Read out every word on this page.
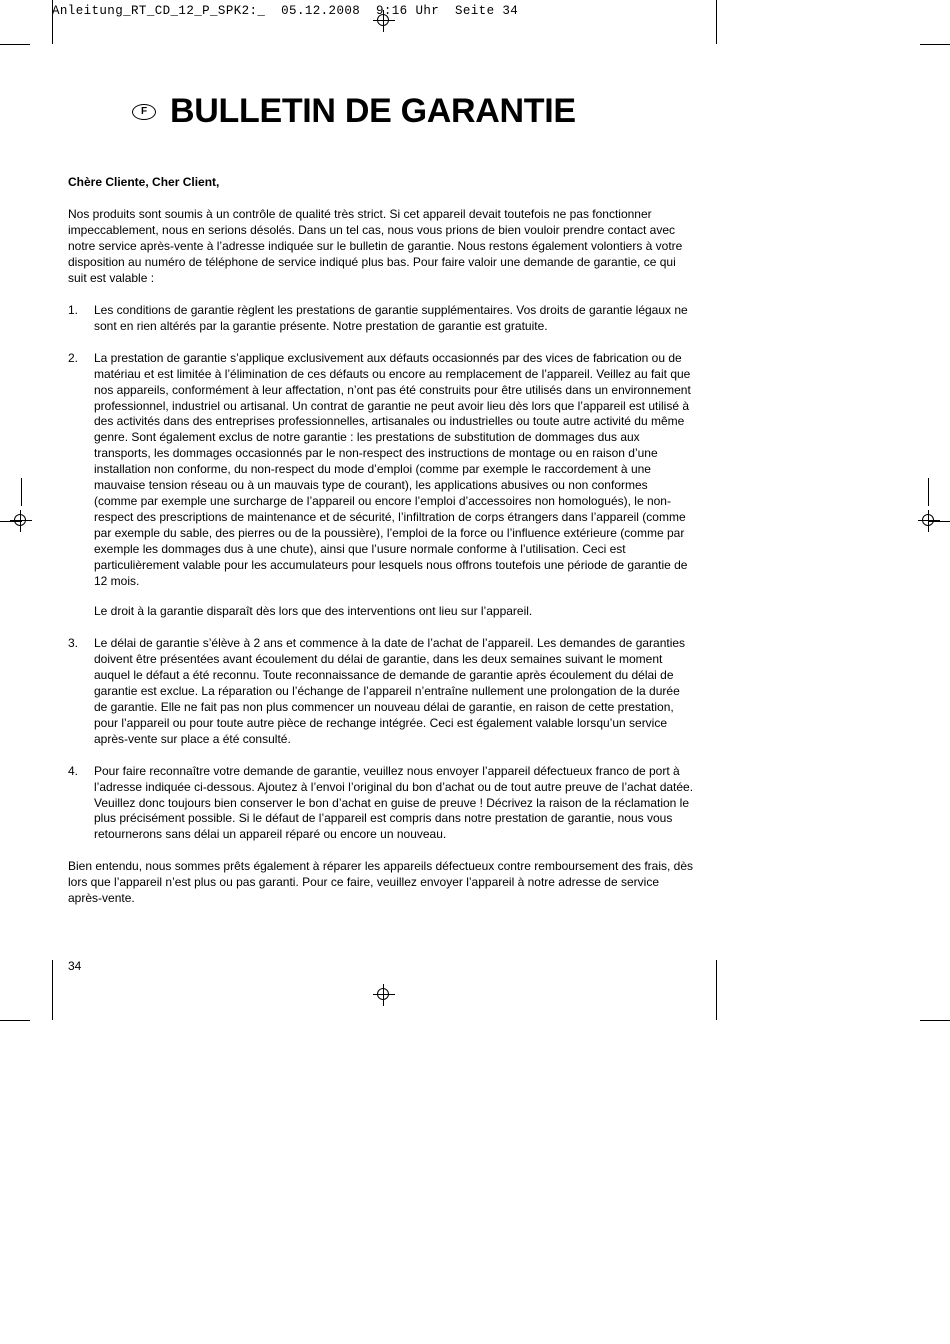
Anleitung_RT_CD_12_P_SPK2:_  05.12.2008  9:16 Uhr  Seite 34
F BULLETIN DE GARANTIE
Chère Cliente, Cher Client,

Nos produits sont soumis à un contrôle de qualité très strict. Si cet appareil devait toutefois ne pas fonctionner impeccablement, nous en serions désolés. Dans un tel cas, nous vous prions de bien vouloir prendre contact avec notre service après-vente à l’adresse indiquée sur le bulletin de garantie. Nous restons également volontiers à votre disposition au numéro de téléphone de service indiqué plus bas. Pour faire valoir une demande de garantie, ce qui suit est valable :

1.	Les conditions de garantie règlent les prestations de garantie supplémentaires. Vos droits de garantie légaux ne sont en rien altérés par la garantie présente. Notre prestation de garantie est gratuite.

2.	La prestation de garantie s’applique exclusivement aux défauts occasionnés par des vices de fabrication ou de matériau et est limitée à l’élimination de ces défauts ou encore au remplacement de l’appareil. Veillez au fait que nos appareils, conformément à leur affectation, n’ont pas été construits pour être utilisés dans un environnement professionnel, industriel ou artisanal. Un contrat de garantie ne peut avoir lieu dès lors que l’appareil est utilisé à des activités dans des entreprises professionnelles, artisanales ou industrielles ou toute autre activité du même genre. Sont également exclus de notre garantie : les prestations de substitution de dommages dus aux transports, les dommages occasionnés par le non-respect des instructions de montage ou en raison d’une installation non conforme, du non-respect du mode d’emploi (comme par exemple le raccordement à une mauvaise tension réseau ou à un mauvais type de courant), les applications abusives ou non conformes (comme par exemple une surcharge de l’appareil ou encore l’emploi d’accessoires non homologués), le non-respect des prescriptions de maintenance et de sécurité, l’infiltration de corps étrangers dans l’appareil (comme par exemple du sable, des pierres ou de la poussière), l’emploi de la force ou l’influence extérieure (comme par exemple les dommages dus à une chute), ainsi que l’usure normale conforme à l’utilisation. Ceci est particulièrement valable pour les accumulateurs pour lesquels nous offrons toutefois une période de garantie de 12 mois.

Le droit à la garantie disparaît dès lors que des interventions ont lieu sur l’appareil.

3.	Le délai de garantie s’élève à 2 ans et commence à la date de l’achat de l’appareil. Les demandes de garanties doivent être présentées avant écoulement du délai de garantie, dans les deux semaines suivant le moment auquel le défaut a été reconnu. Toute reconnaissance de demande de garantie après écoulement du délai de garantie est exclue. La réparation ou l’échange de l’appareil n’entraîne nullement une prolongation de la durée de garantie. Elle ne fait pas non plus commencer un nouveau délai de garantie, en raison de cette prestation, pour l’appareil ou pour toute autre pièce de rechange intégrée. Ceci est également valable lorsqu’un service après-vente sur place a été consulté.

4.	Pour faire reconnaître votre demande de garantie, veuillez nous envoyer l’appareil défectueux franco de port à l’adresse indiquée ci-dessous. Ajoutez à l’envoi l’original du bon d’achat ou de tout autre preuve de l’achat datée. Veuillez donc toujours bien conserver le bon d’achat en guise de preuve ! Décrivez la raison de la réclamation le plus précisément possible. Si le défaut de l’appareil est compris dans notre prestation de garantie, nous vous retournerons sans délai un appareil réparé ou encore un nouveau.

Bien entendu, nous sommes prêts également à réparer les appareils défectueux contre remboursement des frais, dès lors que l’appareil n’est plus ou pas garanti. Pour ce faire, veuillez envoyer l’appareil à notre adresse de service après-vente.

34
